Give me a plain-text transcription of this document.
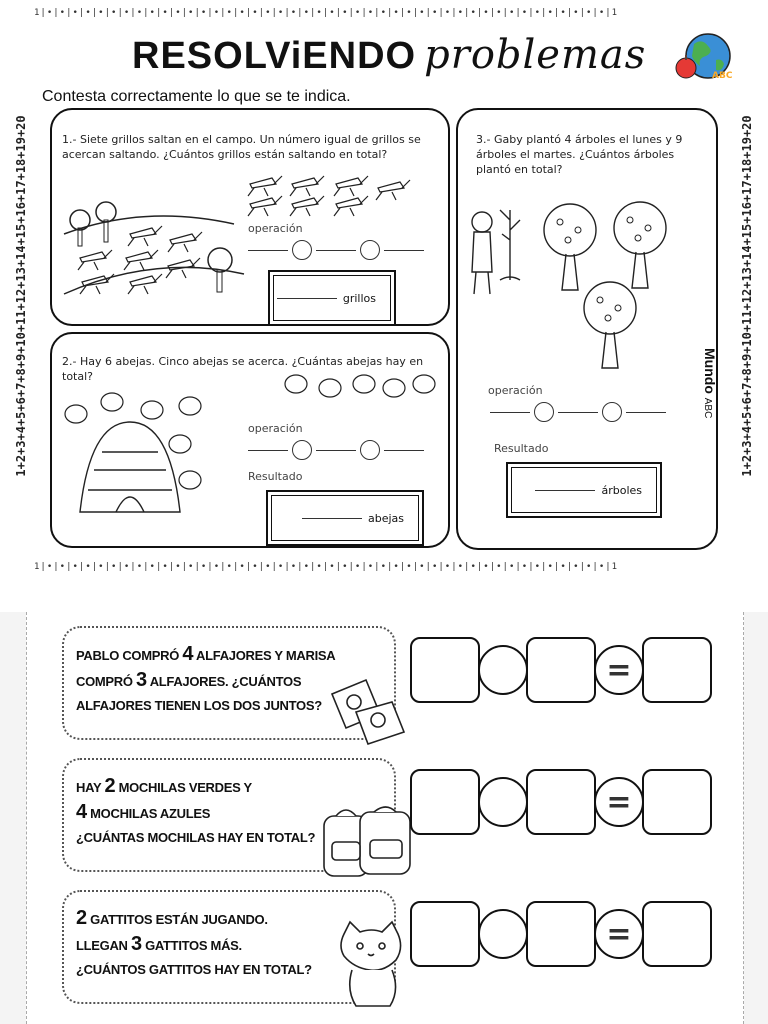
1|•|•|•|•|•|•|•|•|•|•|•|•|•|•|•|•|•|•|•|•|•|•|•|•|•|•|•|•|•|•|•|•|•|•|•|•|•|•|•|•|•|•|•|•|1
1|•|•|•|•|•|•|•|•|•|•|•|•|•|•|•|•|•|•|•|•|•|•|•|•|•|•|•|•|•|•|•|•|•|•|•|•|•|•|•|•|•|•|•|•|1
1+2+3+4+5+6+7+8+9+10+11+12+13+14+15+16+17+18+19+20	1+2+3+4+5+6+7+8+9+10+11+12+13+14+15+16+17+18+19+20
RESOLViENDO problemas	ABC
Contesta correctamente lo que se te indica.
1.- Siete grillos saltan en el campo. Un número igual de grillos se acercan saltando. ¿Cuántos grillos están saltando en total?
operación
grillos
2.- Hay 6 abejas. Cinco abejas se acerca. ¿Cuántas abejas hay en total?
operación
Resultado
abejas
3.- Gaby plantó 4 árboles el lunes y 9 árboles el martes. ¿Cuántos árboles plantó en total?
operación
Resultado
árboles
Mundo ABC
PABLO COMPRÓ 4 ALFAJORES Y MARISA
COMPRÓ 3 ALFAJORES. ¿CUÁNTOS
ALFAJORES TIENEN LOS DOS JUNTOS?
=
HAY 2 MOCHILAS VERDES Y
4 MOCHILAS AZULES
¿CUÁNTAS MOCHILAS HAY EN TOTAL?
=
2 GATTITOS ESTÁN JUGANDO.
LLEGAN 3 GATTITOS MÁS.
¿CUÁNTOS GATTITOS HAY EN TOTAL?
=
